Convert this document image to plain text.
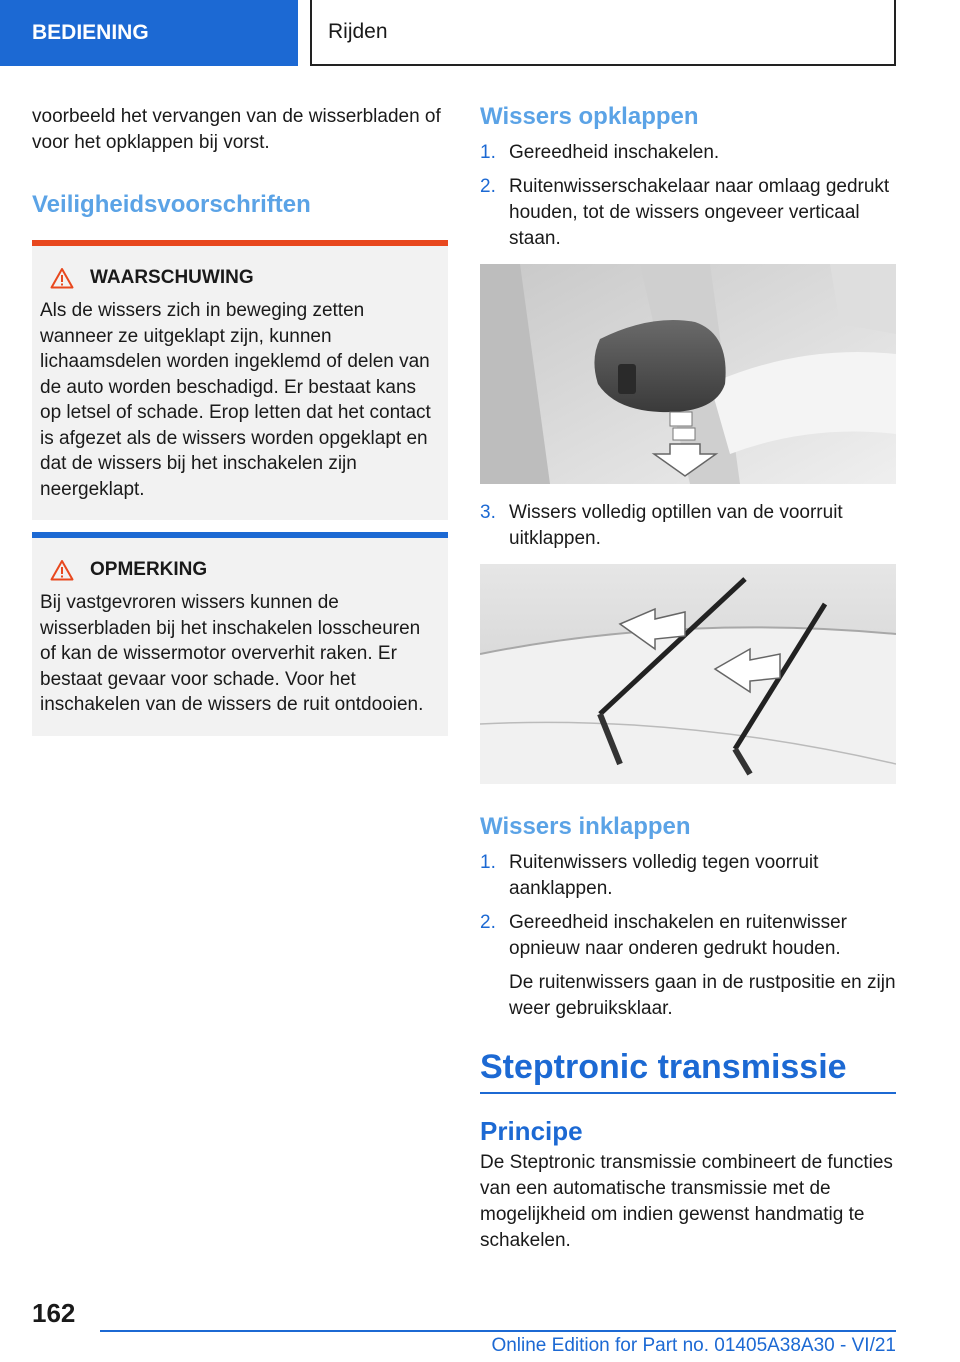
BEDIENING	Rijden

voorbeeld het vervangen van de wisserbladen of voor het opklappen bij vorst.

Veiligheidsvoorschriften
WAARSCHUWING

Als de wissers zich in beweging zetten wanneer ze uitgeklapt zijn, kunnen lichaamsdelen worden ingeklemd of delen van de auto worden beschadigd. Er bestaat kans op letsel of schade. Erop letten dat het contact is afgezet als de wissers worden opgeklapt en dat de wissers bij het inschakelen zijn neergeklapt.

OPMERKING

Bij vastgevroren wissers kunnen de wisserbladen bij het inschakelen losscheuren of kan de wissermotor oververhit raken. Er bestaat gevaar voor schade. Voor het inschakelen van de wissers de ruit ontdooien.

Wissers opklappen
1. Gereedheid inschakelen.
2. Ruitenwisserschakelaar naar omlaag gedrukt houden, tot de wissers ongeveer verticaal staan.
3. Wissers volledig optillen van de voorruit uitklappen.
Wissers inklappen
1. Ruitenwissers volledig tegen voorruit aanklappen.
2. Gereedheid inschakelen en ruitenwisser opnieuw naar onderen gedrukt houden.

De ruitenwissers gaan in de rustpositie en zijn weer gebruiksklaar.

Steptronic transmissie
Principe

De Steptronic transmissie combineert de functies van een automatische transmissie met de mogelijkheid om indien gewenst handmatig te schakelen.

162
Online Edition for Part no. 01405A38A30 - VI/21
